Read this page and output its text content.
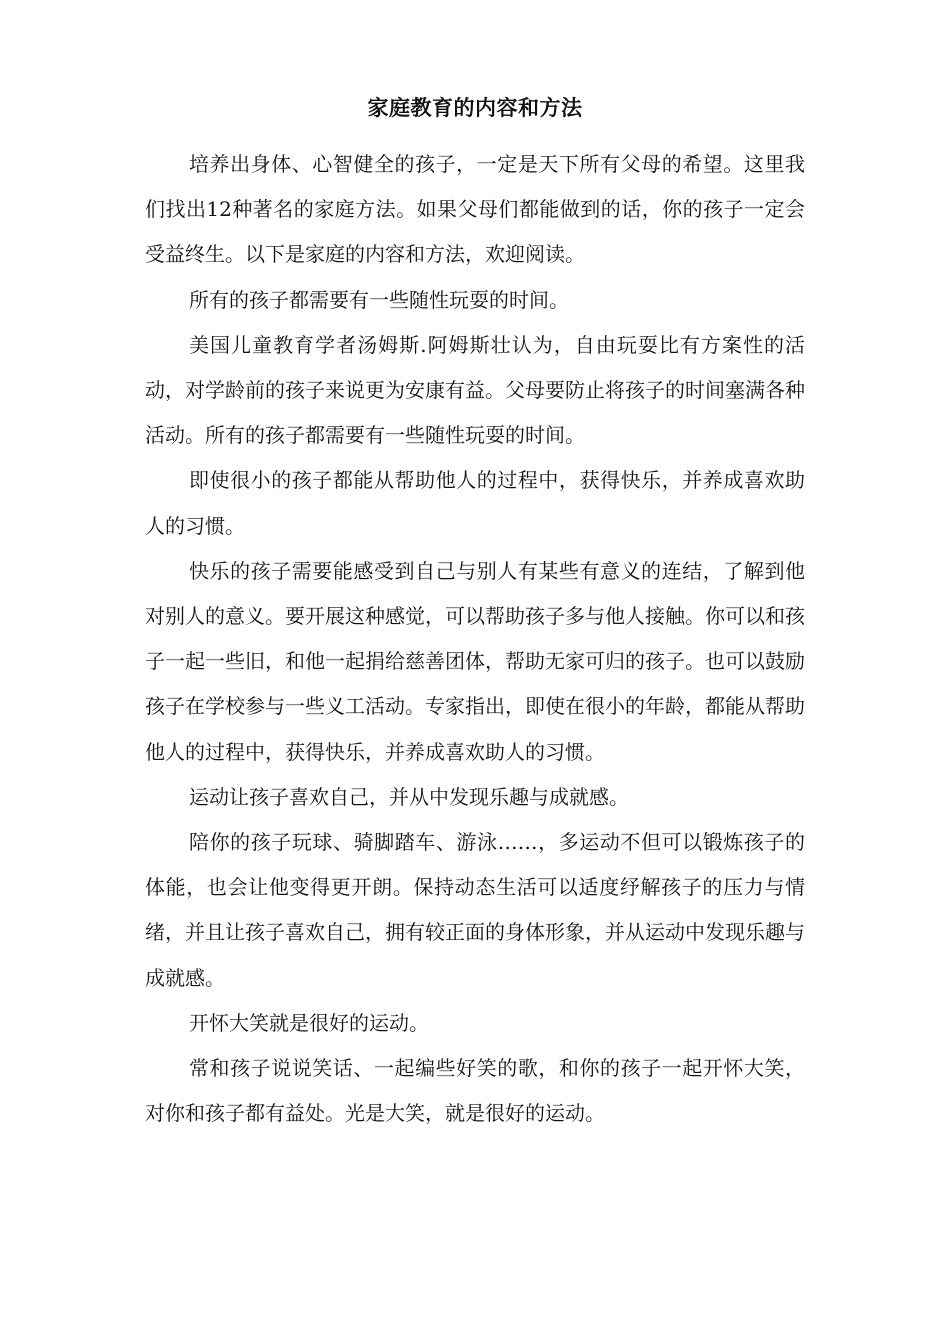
家庭教育的内容和方法

培养出身体、心智健全的孩子，一定是天下所有父母的希望。这里我们找出12种著名的家庭方法。如果父母们都能做到的话，你的孩子一定会受益终生。以下是家庭的内容和方法，欢迎阅读。

所有的孩子都需要有一些随性玩耍的时间。

美国儿童教育学者汤姆斯.阿姆斯壮认为，自由玩耍比有方案性的活动，对学龄前的孩子来说更为安康有益。父母要防止将孩子的时间塞满各种活动。所有的孩子都需要有一些随性玩耍的时间。

即使很小的孩子都能从帮助他人的过程中，获得快乐，并养成喜欢助人的习惯。

快乐的孩子需要能感受到自己与别人有某些有意义的连结，了解到他对别人的意义。要开展这种感觉，可以帮助孩子多与他人接触。你可以和孩子一起一些旧，和他一起捐给慈善团体，帮助无家可归的孩子。也可以鼓励孩子在学校参与一些义工活动。专家指出，即使在很小的年龄，都能从帮助他人的过程中，获得快乐，并养成喜欢助人的习惯。

运动让孩子喜欢自己，并从中发现乐趣与成就感。

陪你的孩子玩球、骑脚踏车、游泳……，多运动不但可以锻炼孩子的体能，也会让他变得更开朗。保持动态生活可以适度纾解孩子的压力与情绪，并且让孩子喜欢自己，拥有较正面的身体形象，并从运动中发现乐趣与成就感。

开怀大笑就是很好的运动。

常和孩子说说笑话、一起编些好笑的歌，和你的孩子一起开怀大笑，对你和孩子都有益处。光是大笑，就是很好的运动。
